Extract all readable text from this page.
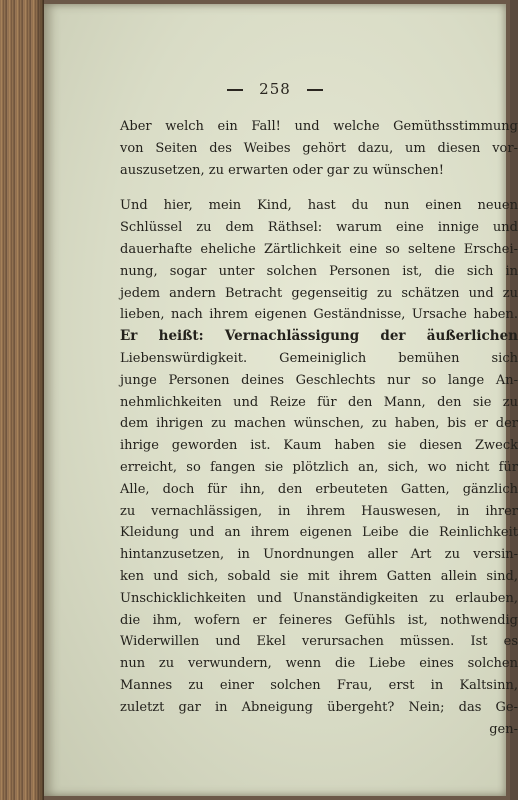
258
Aber welch ein Fall! und welche Gemüthsstimmung
von Seiten des Weibes gehört dazu, um diesen vor-
auszusetzen, zu erwarten oder gar zu wünschen!
Und hier, mein Kind, hast du nun einen neuen
Schlüssel zu dem Räthsel: warum eine innige und
dauerhafte eheliche Zärtlichkeit eine so seltene Erschei-
nung, sogar unter solchen Personen ist, die sich in
jedem andern Betracht gegenseitig zu schätzen und zu
lieben, nach ihrem eigenen Geständnisse, Ursache haben.
Er heißt: Vernachlässigung der äußerlichen
Liebenswürdigkeit. Gemeiniglich bemühen sich
junge Personen deines Geschlechts nur so lange An-
nehmlichkeiten und Reize für den Mann, den sie zu
dem ihrigen zu machen wünschen, zu haben, bis er der
ihrige geworden ist. Kaum haben sie diesen Zweck
erreicht, so fangen sie plötzlich an, sich, wo nicht für
Alle, doch für ihn, den erbeuteten Gatten, gänzlich
zu vernachlässigen, in ihrem Hauswesen, in ihrer
Kleidung und an ihrem eigenen Leibe die Reinlichkeit
hintanzusetzen, in Unordnungen aller Art zu versin-
ken und sich, sobald sie mit ihrem Gatten allein sind,
Unschicklichkeiten und Unanständigkeiten zu erlauben,
die ihm, wofern er feineres Gefühls ist, nothwendig
Widerwillen und Ekel verursachen müssen. Ist es
nun zu verwundern, wenn die Liebe eines solchen
Mannes zu einer solchen Frau, erst in Kaltsinn,
zuletzt gar in Abneigung übergeht? Nein; das Ge-
gen-
